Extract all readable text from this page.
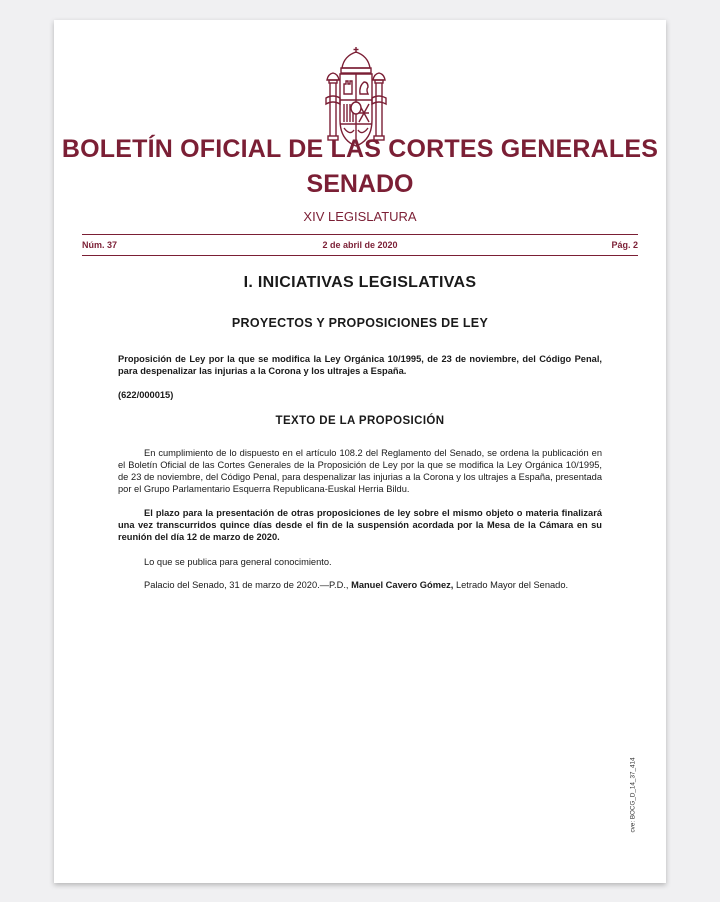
BOLETÍN OFICIAL DE LAS CORTES GENERALES
SENADO
XIV LEGISLATURA
Núm. 37	2 de abril de 2020	Pág. 2
I. INICIATIVAS LEGISLATIVAS
PROYECTOS Y PROPOSICIONES DE LEY

Proposición de Ley por la que se modifica la Ley Orgánica 10/1995, de 23 de noviembre, del Código Penal, para despenalizar las injurias a la Corona y los ultrajes a España.

(622/000015)

TEXTO DE LA PROPOSICIÓN

En cumplimiento de lo dispuesto en el artículo 108.2 del Reglamento del Senado, se ordena la publicación en el Boletín Oficial de las Cortes Generales de la Proposición de Ley por la que se modifica la Ley Orgánica 10/1995, de 23 de noviembre, del Código Penal, para despenalizar las injurias a la Corona y los ultrajes a España, presentada por el Grupo Parlamentario Esquerra Republicana-Euskal Herria Bildu.

El plazo para la presentación de otras proposiciones de ley sobre el mismo objeto o materia finalizará una vez transcurridos quince días desde el fin de la suspensión acordada por la Mesa de la Cámara en su reunión del día 12 de marzo de 2020.

Lo que se publica para general conocimiento.

Palacio del Senado, 31 de marzo de 2020.—P.D., Manuel Cavero Gómez, Letrado Mayor del Senado.

cve: BOCG_D_14_37_414
